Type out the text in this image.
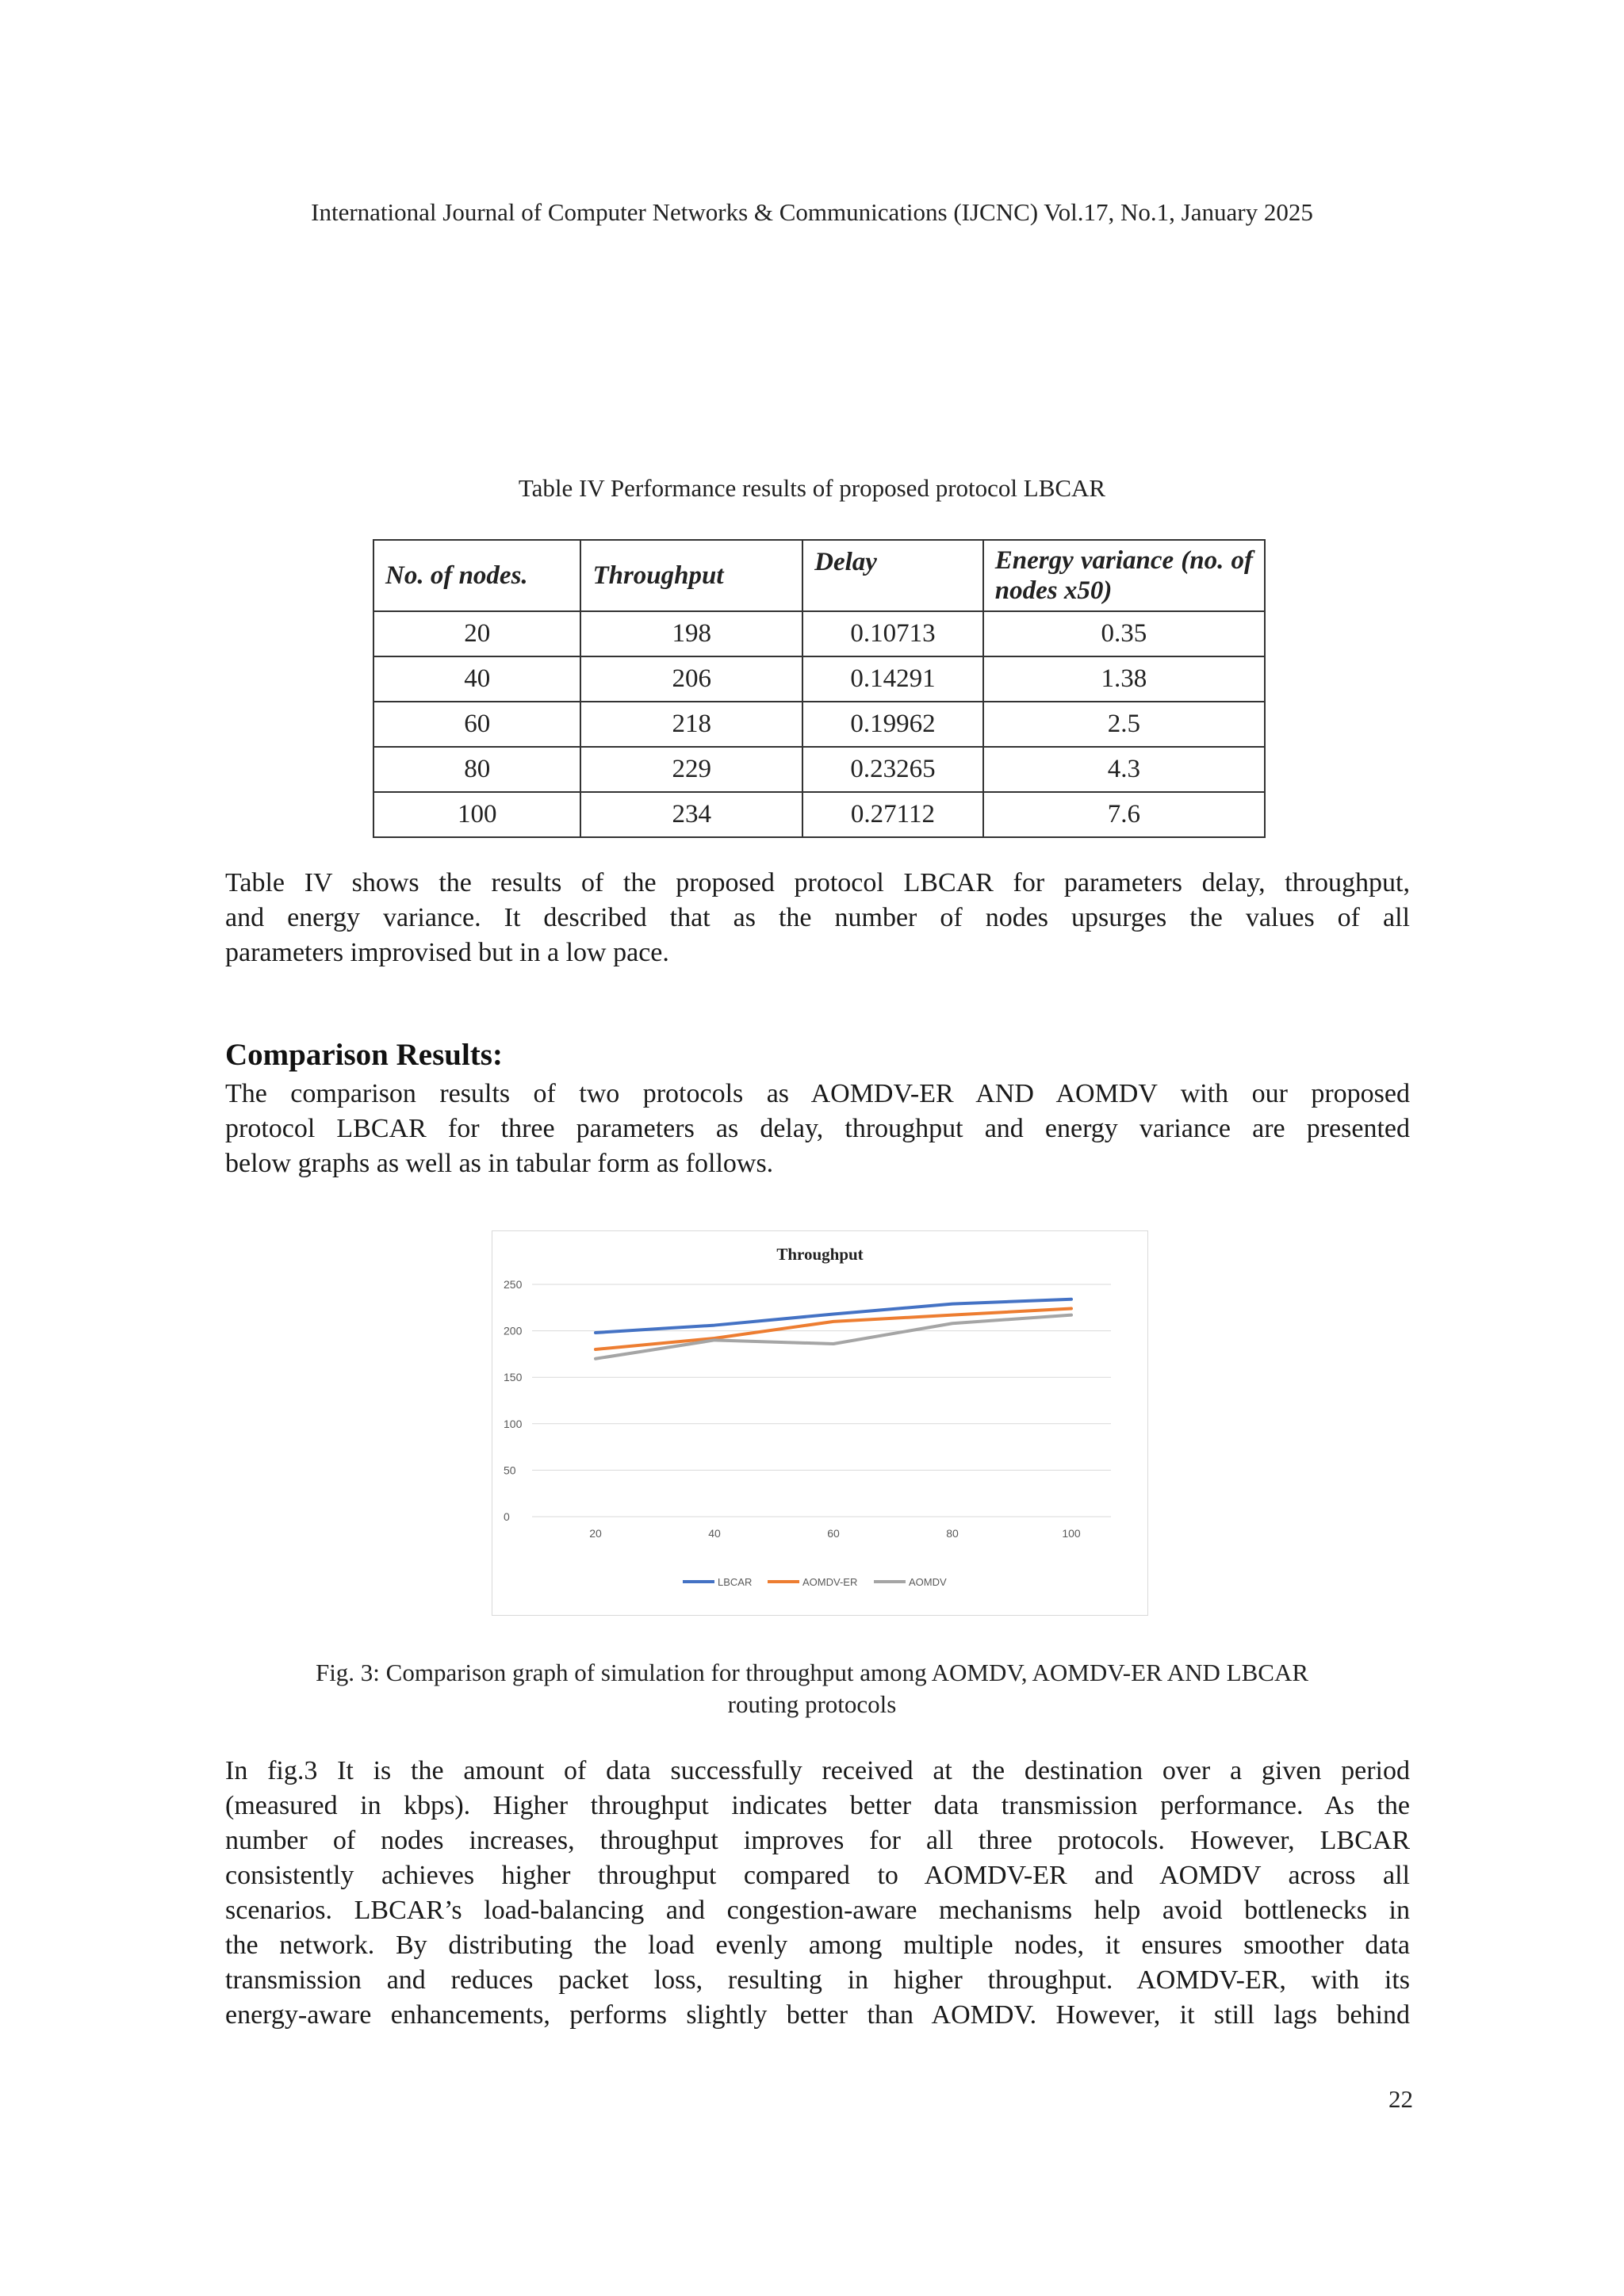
International Journal of Computer Networks & Communications (IJCNC) Vol.17, No.1, January 2025
Table IV Performance results of proposed protocol LBCAR
No. of nodes.	Throughput	Delay	Energy variance (no. of nodes x50)
20	198	0.10713	0.35
40	206	0.14291	1.38
60	218	0.19962	2.5
80	229	0.23265	4.3
100	234	0.27112	7.6
Table IV shows the results of the proposed protocol LBCAR for parameters delay, throughput,
and energy variance. It described that as the number of nodes upsurges the values of all
parameters improvised but in a low pace.
Comparison Results:
The comparison results of two protocols as AOMDV-ER AND AOMDV with our proposed
protocol LBCAR for three parameters as delay, throughput and energy variance are presented
below graphs as well as in tabular form as follows.
Throughput
0
50
100
150
200
250
20	40	60	80	100
LBCAR	AOMDV-ER	AOMDV
Fig. 3: Comparison graph of simulation for throughput among AOMDV, AOMDV-ER AND LBCAR
routing protocols
In fig.3 It is the amount of data successfully received at the destination over a given period
(measured in kbps). Higher throughput indicates better data transmission performance. As the
number of nodes increases, throughput improves for all three protocols. However, LBCAR
consistently achieves higher throughput compared to AOMDV-ER and AOMDV across all
scenarios. LBCAR’s load-balancing and congestion-aware mechanisms help avoid bottlenecks in
the network. By distributing the load evenly among multiple nodes, it ensures smoother data
transmission and reduces packet loss, resulting in higher throughput. AOMDV-ER, with its
energy-aware enhancements, performs slightly better than AOMDV. However, it still lags behind
22
